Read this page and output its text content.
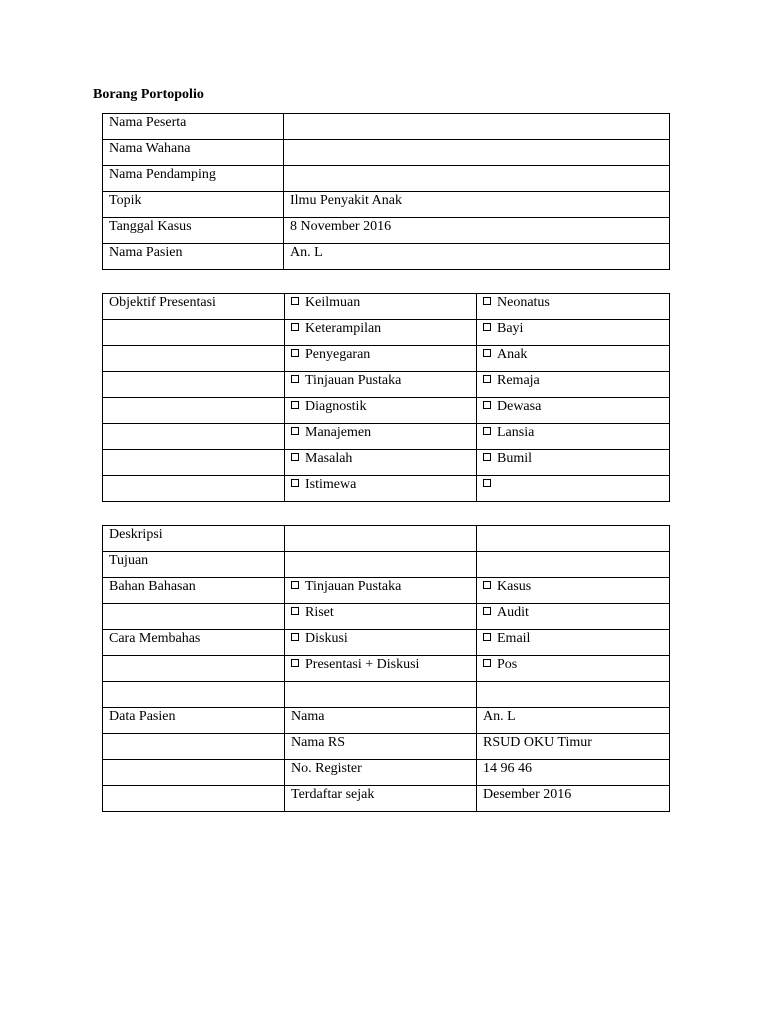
Borang Portopolio
Nama Peserta	
Nama Wahana	
Nama Pendamping	
Topik	Ilmu Penyakit Anak
Tanggal Kasus	8 November 2016
Nama Pasien	An. L
Objektif Presentasi	Keilmuan	Neonatus
	Keterampilan	Bayi
	Penyegaran	Anak
	Tinjauan Pustaka	Remaja
	Diagnostik	Dewasa
	Manajemen	Lansia
	Masalah	Bumil
	Istimewa	
Deskripsi		
Tujuan		
Bahan Bahasan	Tinjauan Pustaka	Kasus
	Riset	Audit
Cara Membahas	Diskusi	Email
	Presentasi + Diskusi	Pos

Data Pasien	Nama	An. L
	Nama RS	RSUD OKU Timur
	No. Register	14 96 46
	Terdaftar sejak	Desember 2016
